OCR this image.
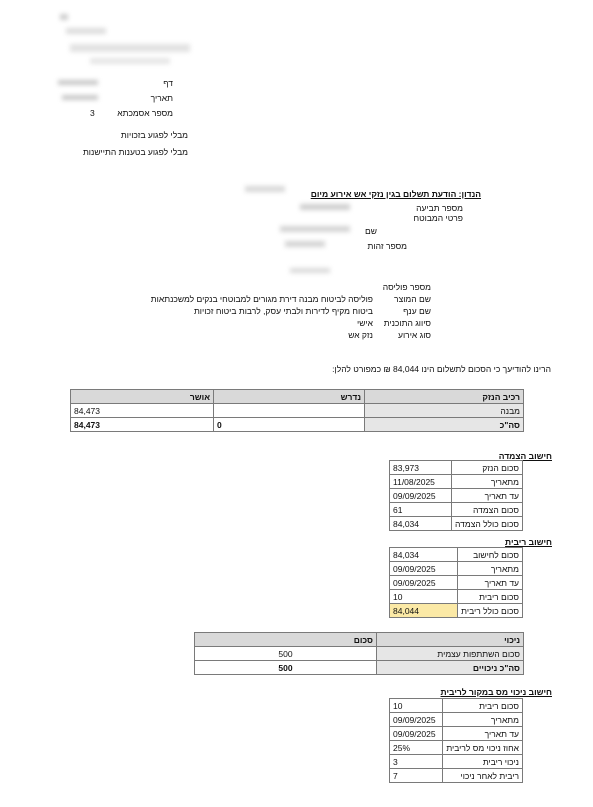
דף
תאריך
מספר אסמכתא
3
מבלי לפגוע בזכויות
מבלי לפגוע בטענות התיישנות
הנדון: הודעת תשלום בגין נזקי אש אירוע מיום
מספר תביעה
פרטי המבוטח
שם
מספר זהות
מספר פוליסה
שם המוצר
פוליסה לביטוח מבנה דירת מגורים למבוטחי בנקים למשכנתאות
שם ענף
ביטוח מקיף לדירות ולבתי עסק, לרבות ביטוח זכויות
סיווג התוכנית
אישי
סוג אירוע
נזק אש
הרינו להודיעך כי הסכום לתשלום הינו 84,044 ₪ כמפורט להלן:
רכיב הנזק	נדרש	אושר
מבנה		84,473
סה"כ	0	84,473
חישוב הצמדה
סכום הנזק	83,973
מתאריך	11/08/2025
עד תאריך	09/09/2025
סכום הצמדה	61
סכום כולל הצמדה	84,034
חישוב ריבית
סכום לחישוב	84,034
מתאריך	09/09/2025
עד תאריך	09/09/2025
סכום ריבית	10
סכום כולל ריבית	84,044
ניכוי	סכום
סכום השתתפות עצמית	500
סה"כ ניכויים	500
חישוב ניכוי מס במקור לריבית
סכום ריבית	10
מתאריך	09/09/2025
עד תאריך	09/09/2025
אחוז ניכוי מס לריבית	25%
ניכוי ריבית	3
ריבית לאחר ניכוי	7
